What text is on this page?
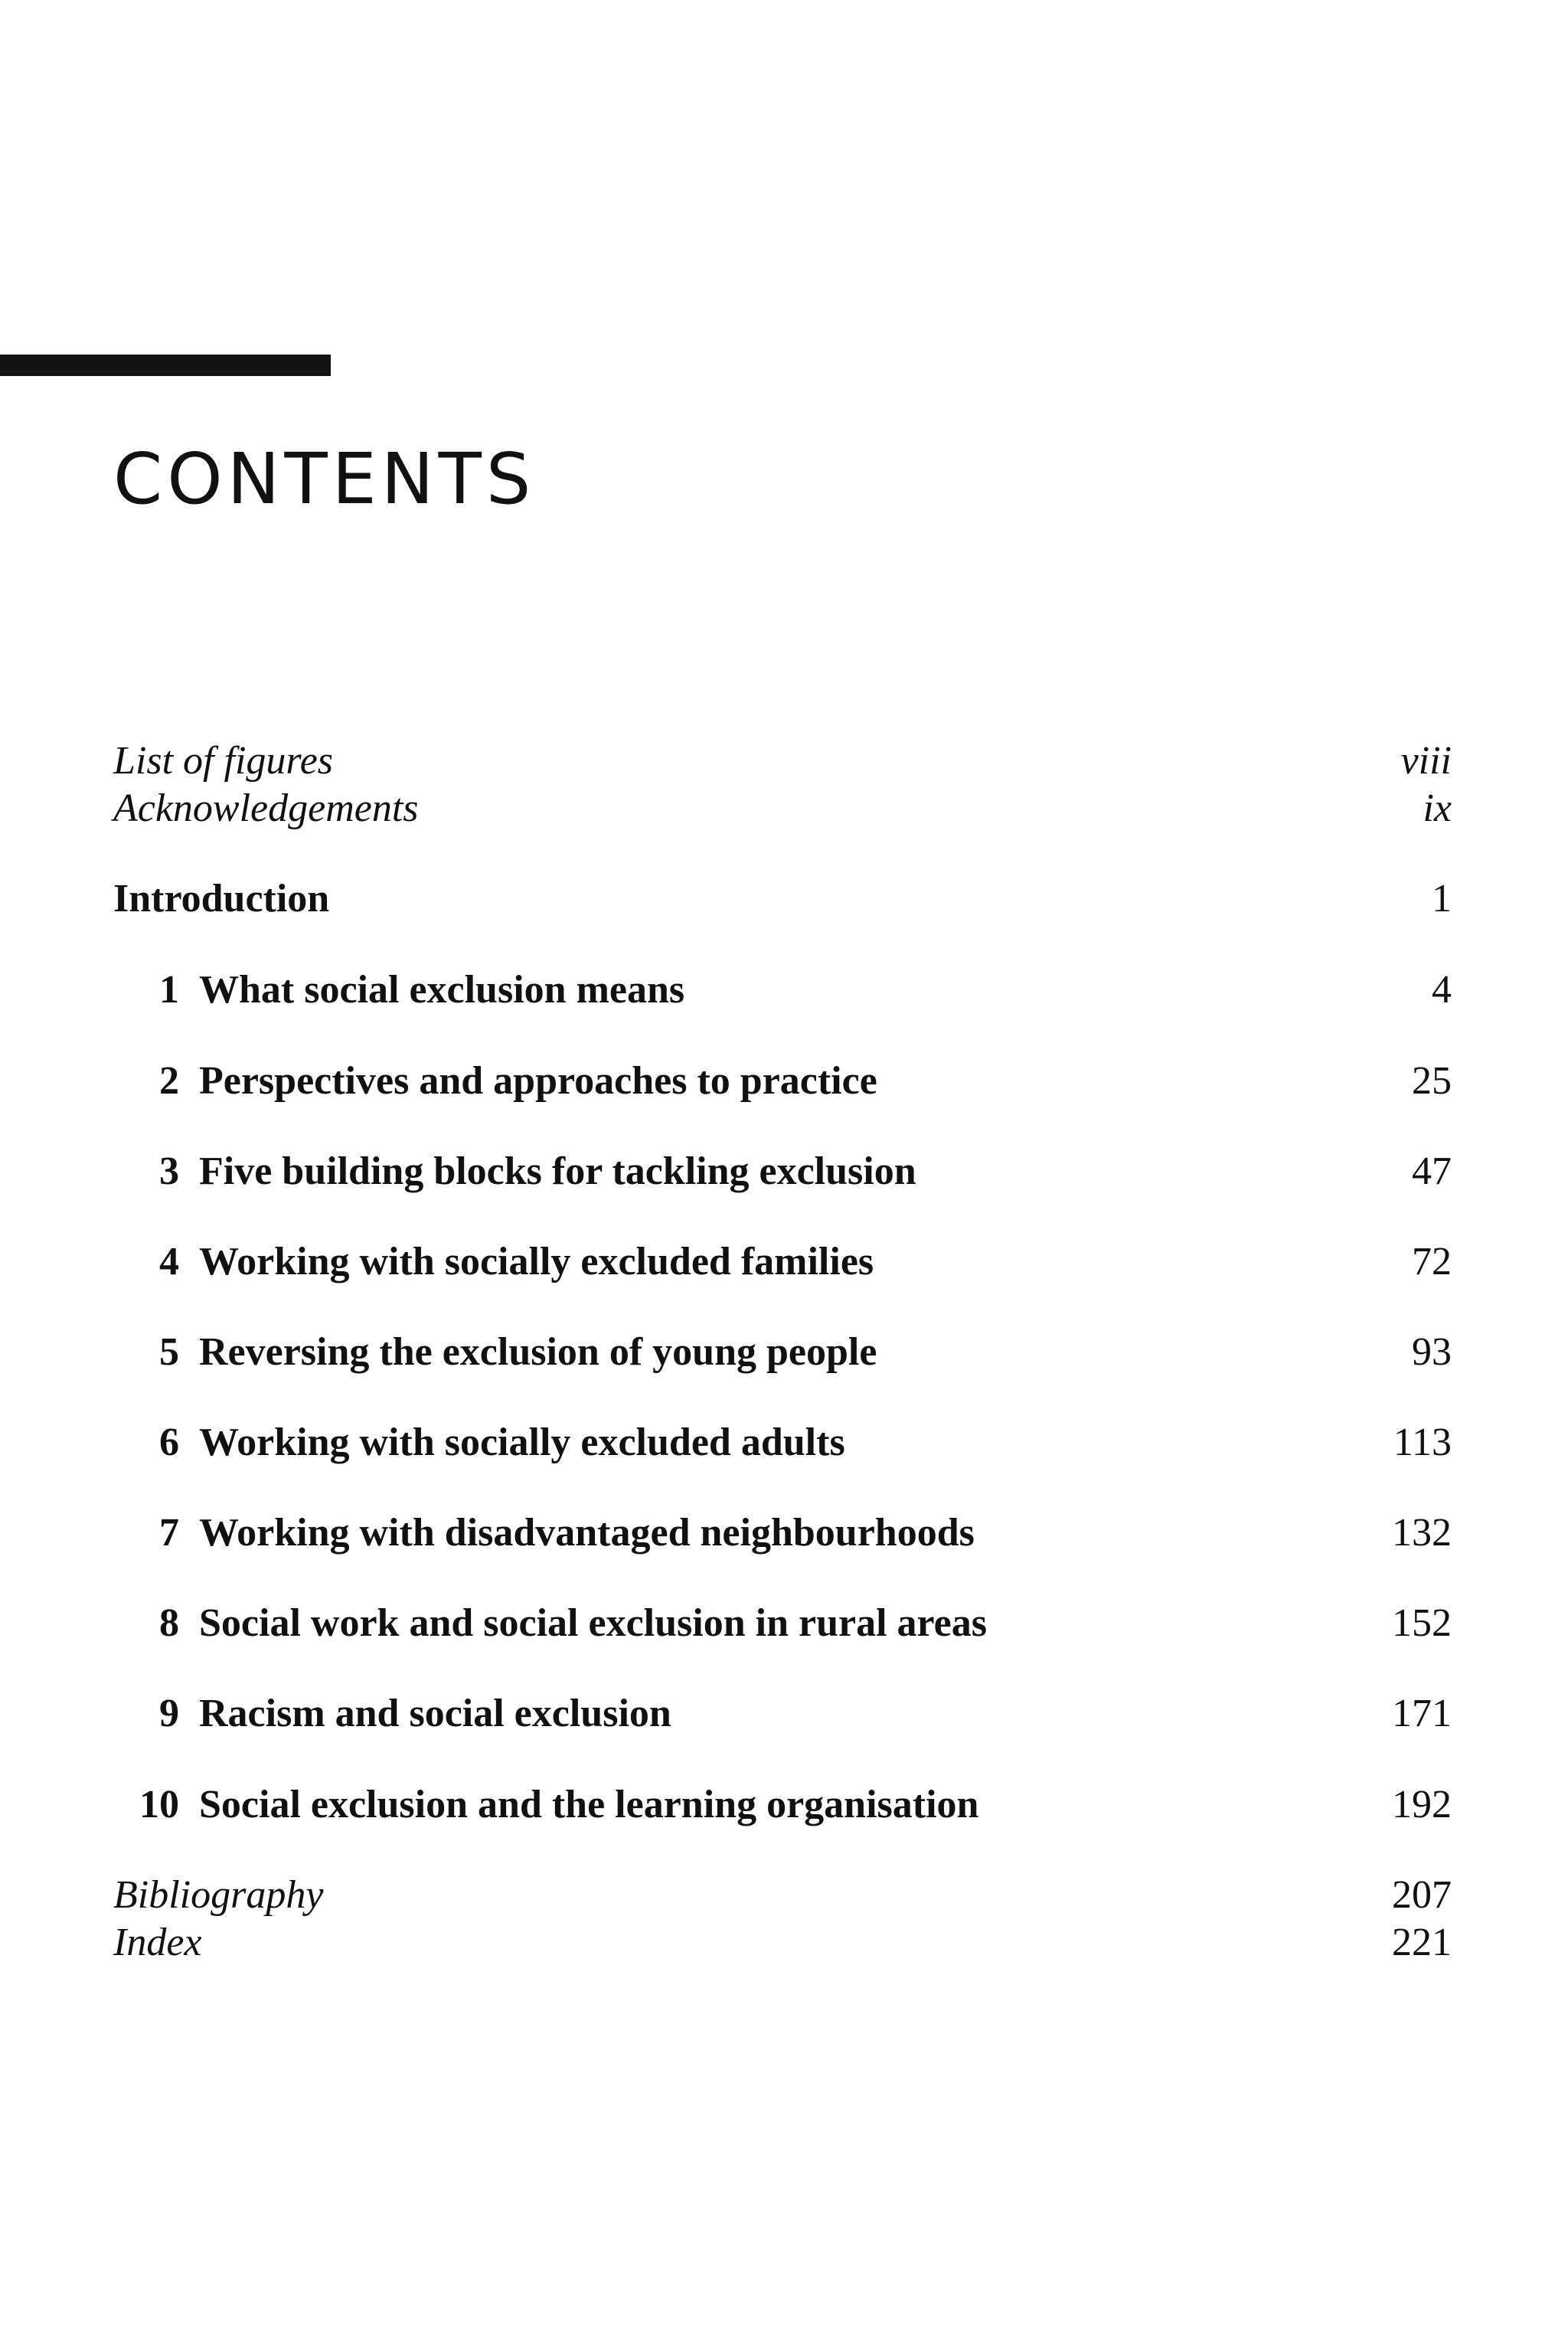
CONTENTS
List of figures	viii
Acknowledgements	ix
Introduction	1
1 What social exclusion means	4
2 Perspectives and approaches to practice	25
3 Five building blocks for tackling exclusion	47
4 Working with socially excluded families	72
5 Reversing the exclusion of young people	93
6 Working with socially excluded adults	113
7 Working with disadvantaged neighbourhoods	132
8 Social work and social exclusion in rural areas	152
9 Racism and social exclusion	171
10 Social exclusion and the learning organisation	192
Bibliography	207
Index	221
